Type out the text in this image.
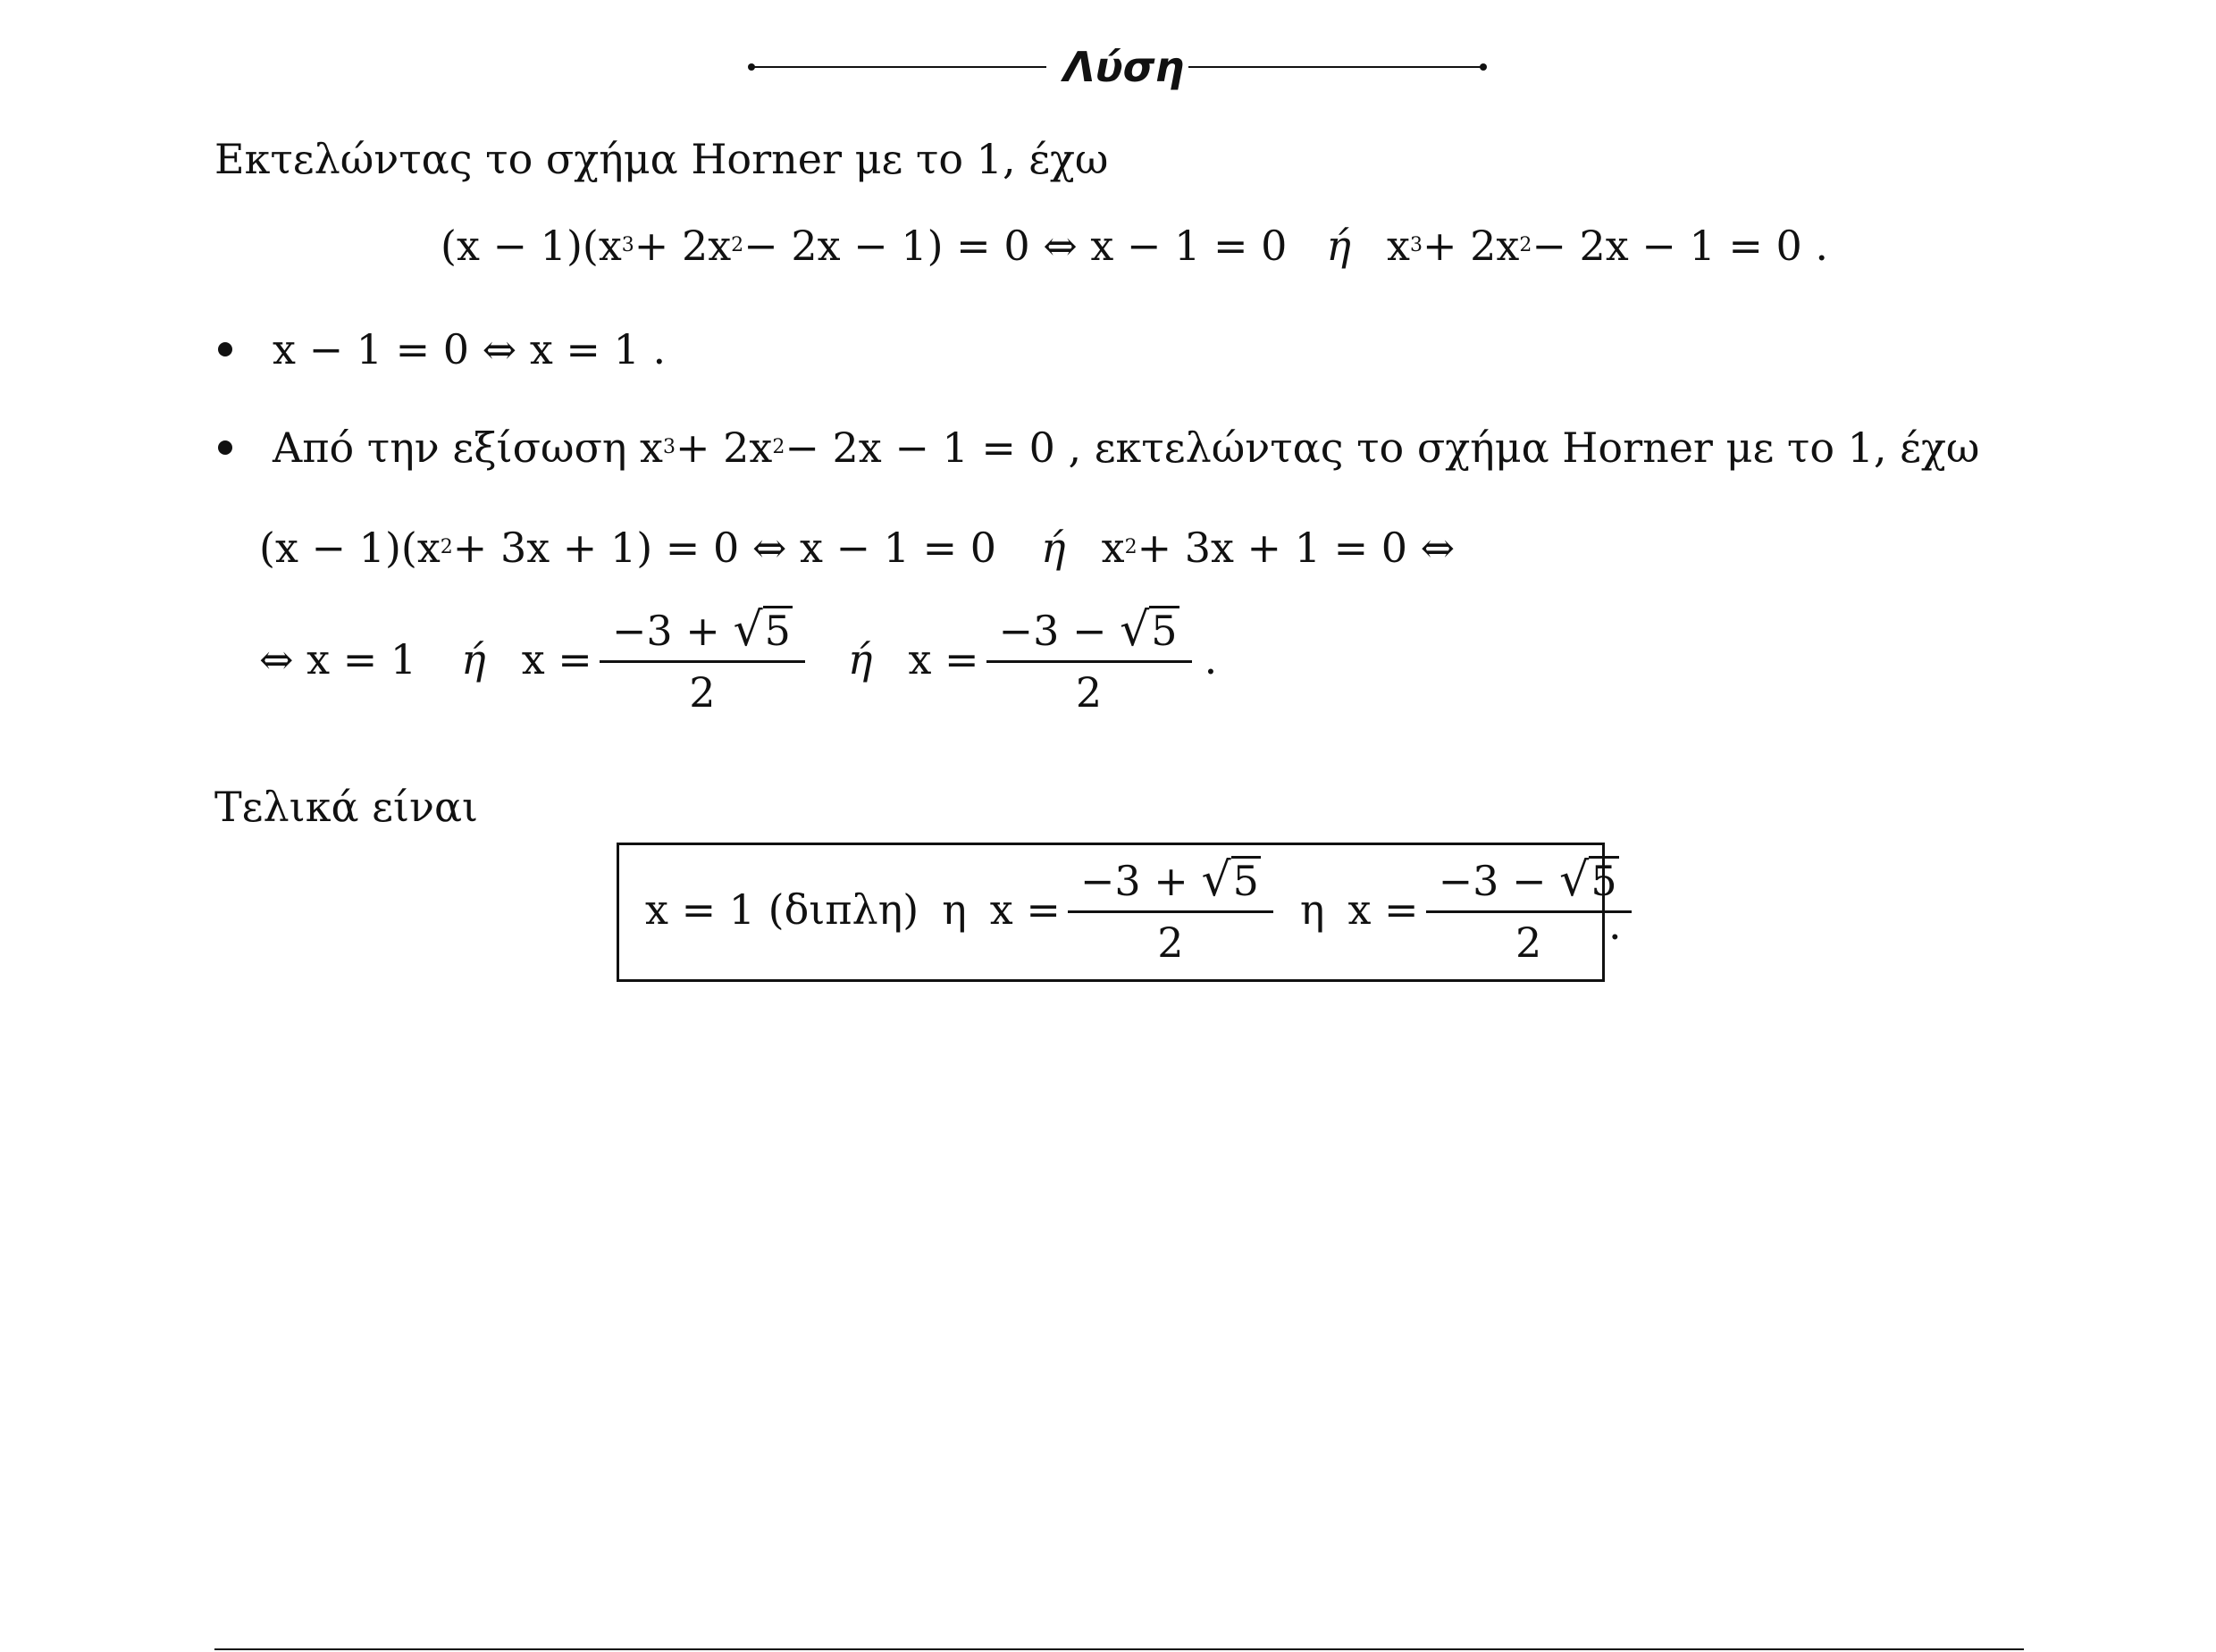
Λύση
Εκτελώντας το σχήμα Horner με το 1, έχω
(x − 1)(x 3 + 2x 2 − 2x − 1) = 0 ⇔ x − 1 = 0 ή x 3 + 2x 2 − 2x − 1 = 0 .
x − 1 = 0 ⇔ x = 1 .
Από την εξίσωση x 3 + 2x 2 − 2x − 1 = 0 , εκτελώντας το σχήμα Horner με το 1, έχω
(x − 1)(x 2 + 3x + 1) = 0 ⇔ x − 1 = 0 ή x 2 + 3x + 1 = 0 ⇔
⇔ x = 1 ή $x = \frac{-3 + √ 5}{2}$ ή $x = \frac{-3 - √ 5}{2}$ .
Τελικά είναι
x = 1 (διπλη) η $x = \frac{-3 + √ 5}{2}$ η $x = \frac{-3 - √ 5}{2}$
.
